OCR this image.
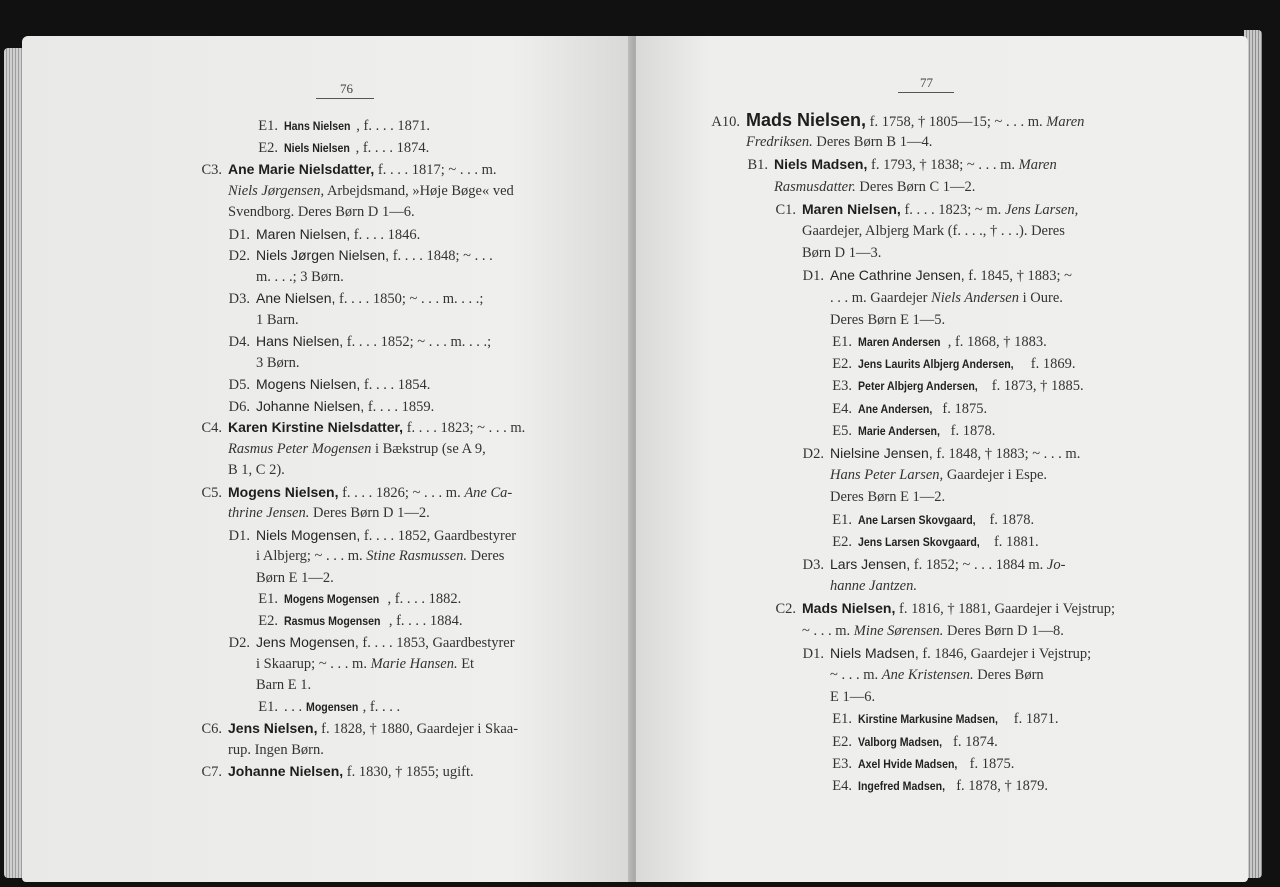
76
E1. Hans Nielsen , f. . . . 1871.
E2. Niels Nielsen , f. . . . 1874.
C3. Ane Marie Nielsdatter, f. . . . 1817; ~ . . . m.
Niels Jørgensen, Arbejdsmand, »Høje Bøge« ved
Svendborg. Deres Børn D 1—6.
D1. Maren Nielsen, f. . . . 1846.
D2. Niels Jørgen Nielsen, f. . . . 1848; ~ . . .
m. . . .; 3 Børn.
D3. Ane Nielsen, f. . . . 1850; ~ . . . m. . . .;
1 Barn.
D4. Hans Nielsen, f. . . . 1852; ~ . . . m. . . .;
3 Børn.
D5. Mogens Nielsen, f. . . . 1854.
D6. Johanne Nielsen, f. . . . 1859.
C4. Karen Kirstine Nielsdatter, f. . . . 1823; ~ . . . m.
Rasmus Peter Mogensen i Bækstrup (se A 9,
B 1, C 2).
C5. Mogens Nielsen, f. . . . 1826; ~ . . . m. Ane Ca-
thrine Jensen. Deres Børn D 1—2.
D1. Niels Mogensen, f. . . . 1852, Gaardbestyrer
i Albjerg; ~ . . . m. Stine Rasmussen. Deres
Børn E 1—2.
E1. Mogens Mogensen , f. . . . 1882.
E2. Rasmus Mogensen , f. . . . 1884.
D2. Jens Mogensen, f. . . . 1853, Gaardbestyrer
i Skaarup; ~ . . . m. Marie Hansen. Et
Barn E 1.
E1. . . . Mogensen , f. . . .
C6. Jens Nielsen, f. 1828, † 1880, Gaardejer i Skaa-
rup. Ingen Børn.
C7. Johanne Nielsen, f. 1830, † 1855; ugift.
77
A10. Mads Nielsen, f. 1758, † 1805—15; ~ . . . m. Maren
Fredriksen. Deres Børn B 1—4.
B1. Niels Madsen, f. 1793, † 1838; ~ . . . m. Maren
Rasmusdatter. Deres Børn C 1—2.
C1. Maren Nielsen, f. . . . 1823; ~ m. Jens Larsen,
Gaardejer, Albjerg Mark (f. . . ., † . . .). Deres
Børn D 1—3.
D1. Ane Cathrine Jensen, f. 1845, † 1883; ~
. . . m. Gaardejer Niels Andersen i Oure.
Deres Børn E 1—5.
E1. Maren Andersen , f. 1868, † 1883.
E2. Jens Laurits Albjerg Andersen, f. 1869.
E3. Peter Albjerg Andersen, f. 1873, † 1885.
E4. Ane Andersen, f. 1875.
E5. Marie Andersen, f. 1878.
D2. Nielsine Jensen, f. 1848, † 1883; ~ . . . m.
Hans Peter Larsen, Gaardejer i Espe.
Deres Børn E 1—2.
E1. Ane Larsen Skovgaard, f. 1878.
E2. Jens Larsen Skovgaard, f. 1881.
D3. Lars Jensen, f. 1852; ~ . . . 1884 m. Jo-
hanne Jantzen.
C2. Mads Nielsen, f. 1816, † 1881, Gaardejer i Vejstrup;
~ . . . m. Mine Sørensen. Deres Børn D 1—8.
D1. Niels Madsen, f. 1846, Gaardejer i Vejstrup;
~ . . . m. Ane Kristensen. Deres Børn
E 1—6.
E1. Kirstine Markusine Madsen, f. 1871.
E2. Valborg Madsen, f. 1874.
E3. Axel Hvide Madsen, f. 1875.
E4. Ingefred Madsen, f. 1878, † 1879.
